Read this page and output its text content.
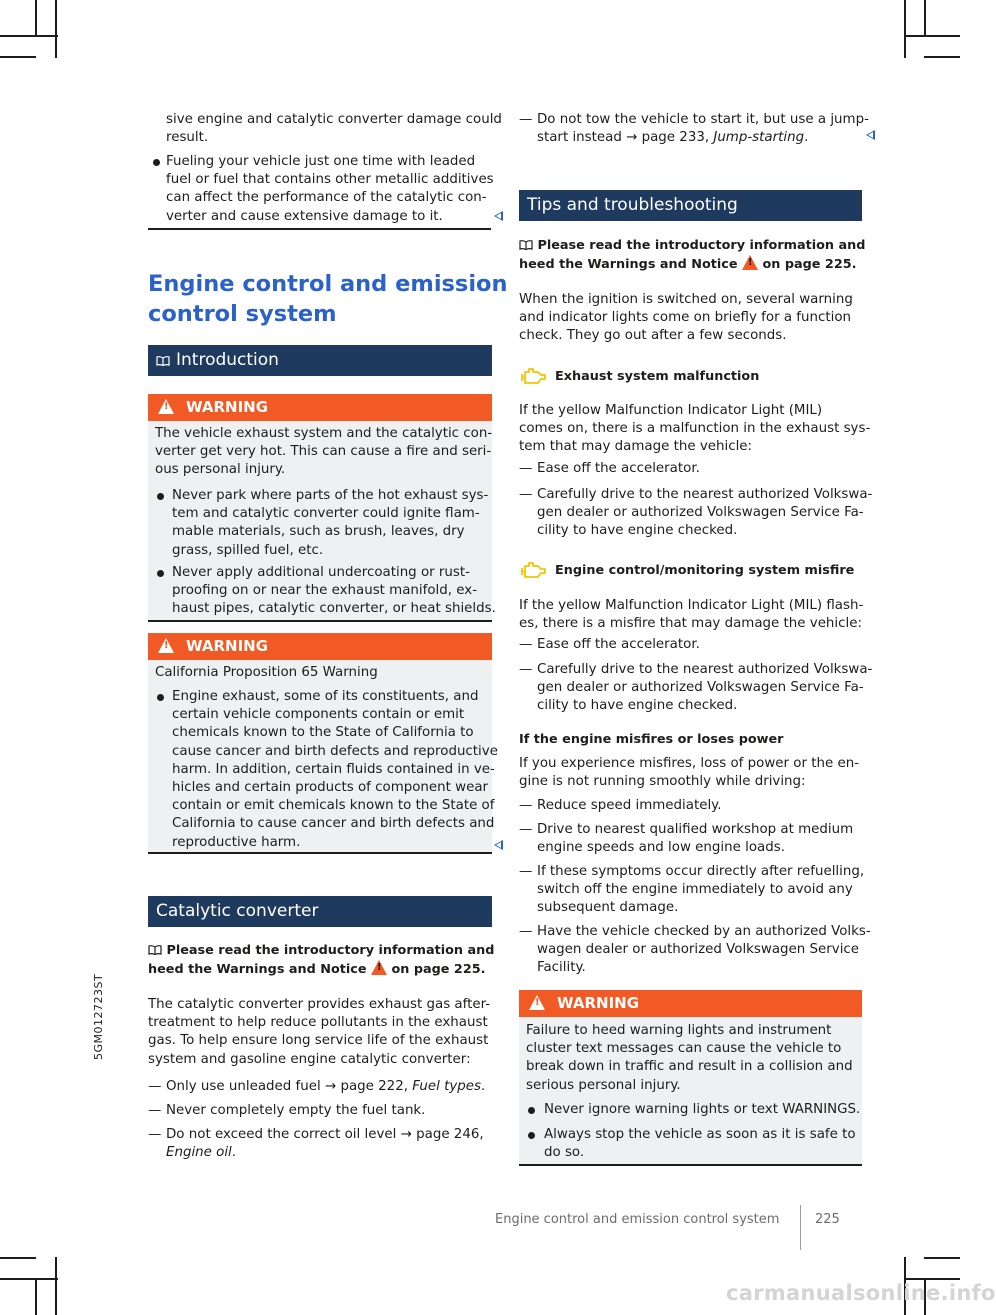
5GM012723ST
sive engine and catalytic converter damage could
result.
Fueling your vehicle just one time with leaded
fuel or fuel that contains other metallic additives
can affect the performance of the catalytic con-
verter and cause extensive damage to it.
Engine control and emission
control system
Introduction
!
WARNING
The vehicle exhaust system and the catalytic con-
verter get very hot. This can cause a fire and seri-
ous personal injury.
Never park where parts of the hot exhaust sys-
tem and catalytic converter could ignite flam-
mable materials, such as brush, leaves, dry
grass, spilled fuel, etc.
Never apply additional undercoating or rust-
proofing on or near the exhaust manifold, ex-
haust pipes, catalytic converter, or heat shields.
!
WARNING
California Proposition 65 Warning
Engine exhaust, some of its constituents, and
certain vehicle components contain or emit
chemicals known to the State of California to
cause cancer and birth defects and reproductive
harm. In addition, certain fluids contained in ve-
hicles and certain products of component wear
contain or emit chemicals known to the State of
California to cause cancer and birth defects and
reproductive harm.
Catalytic converter
Please read the introductory information and
heed the Warnings and Notice ! on page 225.
The catalytic converter provides exhaust gas after-
treatment to help reduce pollutants in the exhaust
gas. To help ensure long service life of the exhaust
system and gasoline engine catalytic converter:
— Only use unleaded fuel → page 222, Fuel types.
— Never completely empty the fuel tank.
— Do not exceed the correct oil level → page 246,
Engine oil.
— Do not tow the vehicle to start it, but use a jump-
start instead → page 233, Jump-starting.
Tips and troubleshooting
Please read the introductory information and
heed the Warnings and Notice ! on page 225.
When the ignition is switched on, several warning
and indicator lights come on briefly for a function
check. They go out after a few seconds.
Exhaust system malfunction
If the yellow Malfunction Indicator Light (MIL)
comes on, there is a malfunction in the exhaust sys-
tem that may damage the vehicle:
— Ease off the accelerator.
— Carefully drive to the nearest authorized Volkswa-
gen dealer or authorized Volkswagen Service Fa-
cility to have engine checked.
Engine control/monitoring system misfire
If the yellow Malfunction Indicator Light (MIL) flash-
es, there is a misfire that may damage the vehicle:
— Ease off the accelerator.
— Carefully drive to the nearest authorized Volkswa-
gen dealer or authorized Volkswagen Service Fa-
cility to have engine checked.
If the engine misfires or loses power
If you experience misfires, loss of power or the en-
gine is not running smoothly while driving:
— Reduce speed immediately.
— Drive to nearest qualified workshop at medium
engine speeds and low engine loads.
— If these symptoms occur directly after refuelling,
switch off the engine immediately to avoid any
subsequent damage.
— Have the vehicle checked by an authorized Volks-
wagen dealer or authorized Volkswagen Service
Facility.
!
WARNING
Failure to heed warning lights and instrument
cluster text messages can cause the vehicle to
break down in traffic and result in a collision and
serious personal injury.
Never ignore warning lights or text WARNINGS.
Always stop the vehicle as soon as it is safe to
do so.
Engine control and emission control system	225
carmanualsonline.info
